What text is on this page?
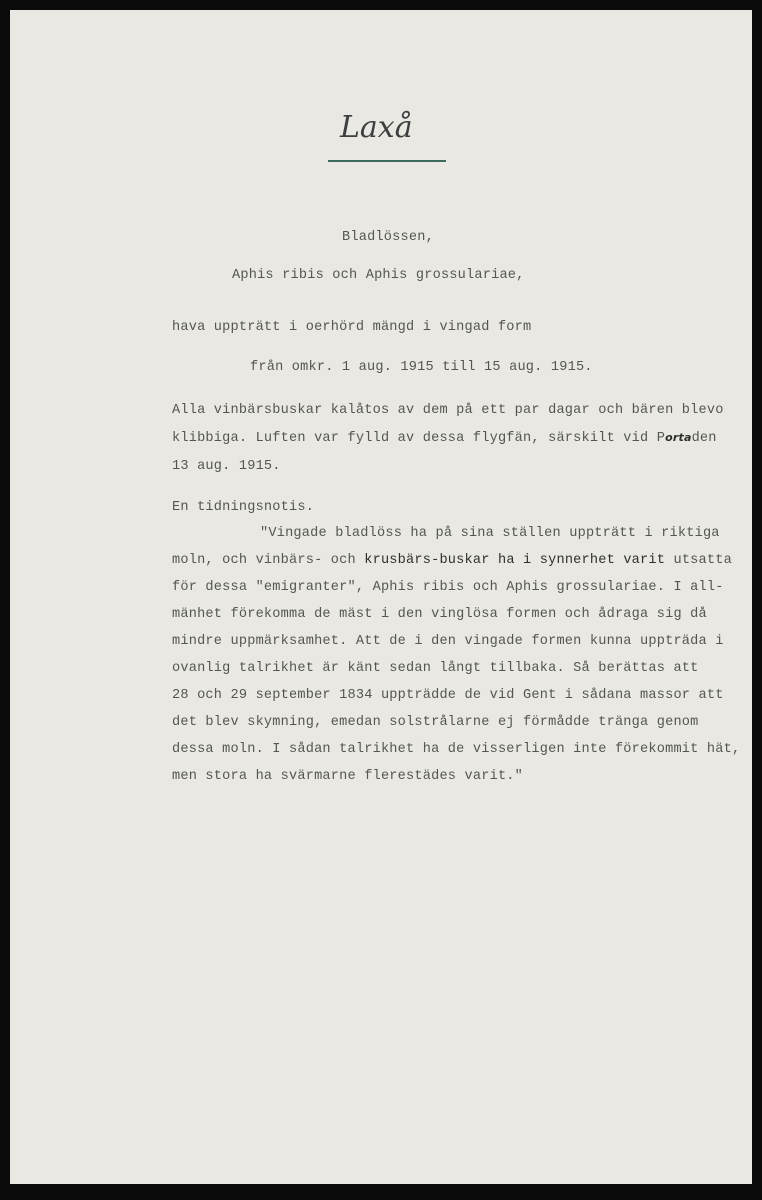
Laxå

Bladlössen,

Aphis ribis och Aphis grossulariae,

hava uppträtt i oerhörd mängd i vingad form

från omkr. 1 aug. 1915 till 15 aug. 1915.

Alla vinbärsbuskar kalåtos av dem på ett par dagar och bären blevo

klibbiga. Luften var fylld av dessa flygfän, särskilt vid Portaden

13 aug. 1915.

En tidningsnotis.

"Vingade bladlöss ha på sina ställen uppträtt i riktiga

moln, och vinbärs- och krusbärs-buskar ha i synnerhet varit utsatta

för dessa "emigranter", Aphis ribis och Aphis grossulariae. I all-

mänhet förekomma de mäst i den vinglösa formen och ådraga sig då

mindre uppmärksamhet. Att de i den vingade formen kunna uppträda i

ovanlig talrikhet är känt sedan långt tillbaka. Så berättas att

28 och 29 september 1834 uppträdde de vid Gent i sådana massor att

det blev skymning, emedan solstrålarne ej förmådde tränga genom

dessa moln. I sådan talrikhet ha de visserligen inte förekommit hät,

men stora ha svärmarne flerestädes varit."
